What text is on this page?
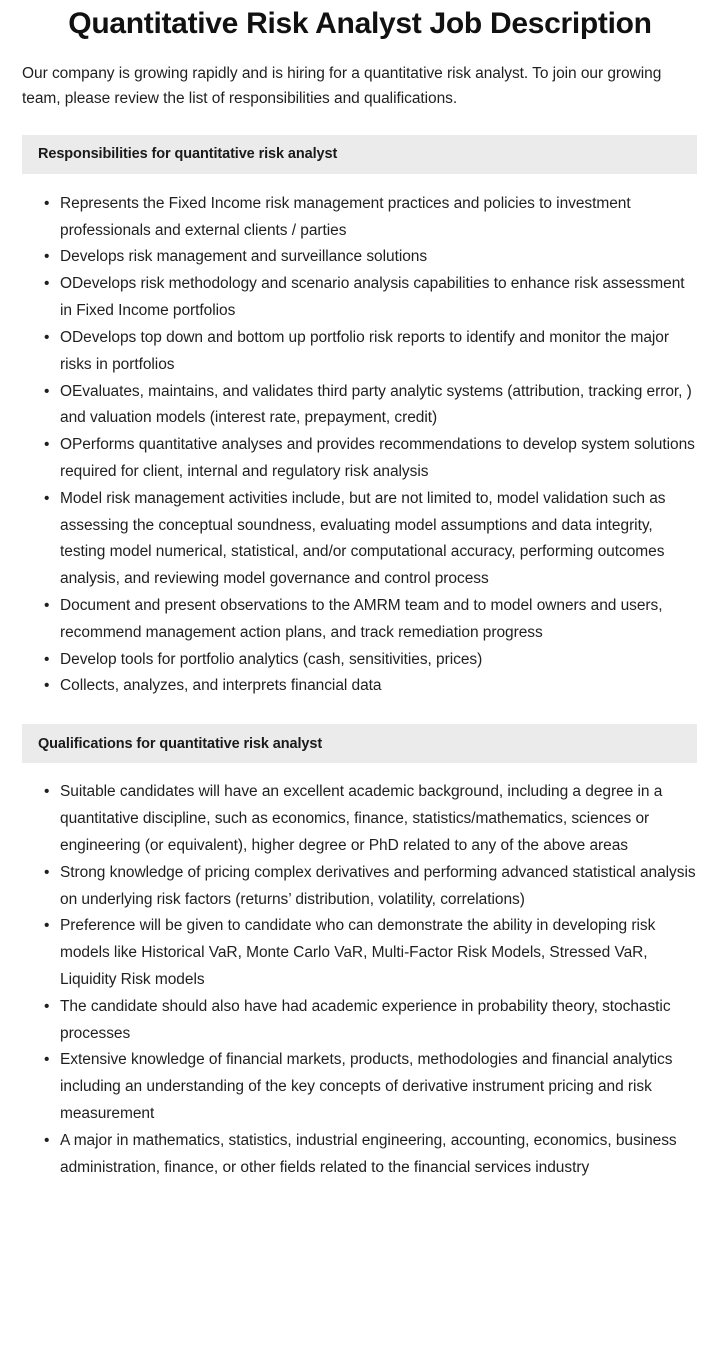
Quantitative Risk Analyst Job Description

Our company is growing rapidly and is hiring for a quantitative risk analyst. To join our growing team, please review the list of responsibilities and qualifications.

Responsibilities for quantitative risk analyst
• Represents the Fixed Income risk management practices and policies to investment professionals and external clients / parties
• Develops risk management and surveillance solutions
• ODevelops risk methodology and scenario analysis capabilities to enhance risk assessment in Fixed Income portfolios
• ODevelops top down and bottom up portfolio risk reports to identify and monitor the major risks in portfolios
• OEvaluates, maintains, and validates third party analytic systems (attribution, tracking error, ) and valuation models (interest rate, prepayment, credit)
• OPerforms quantitative analyses and provides recommendations to develop system solutions required for client, internal and regulatory risk analysis
• Model risk management activities include, but are not limited to, model validation such as assessing the conceptual soundness, evaluating model assumptions and data integrity, testing model numerical, statistical, and/or computational accuracy, performing outcomes analysis, and reviewing model governance and control process
• Document and present observations to the AMRM team and to model owners and users, recommend management action plans, and track remediation progress
• Develop tools for portfolio analytics (cash, sensitivities, prices)
• Collects, analyzes, and interprets financial data
Qualifications for quantitative risk analyst
• Suitable candidates will have an excellent academic background, including a degree in a quantitative discipline, such as economics, finance, statistics/mathematics, sciences or engineering (or equivalent), higher degree or PhD related to any of the above areas
• Strong knowledge of pricing complex derivatives and performing advanced statistical analysis on underlying risk factors (returns’ distribution, volatility, correlations)
• Preference will be given to candidate who can demonstrate the ability in developing risk models like Historical VaR, Monte Carlo VaR, Multi-Factor Risk Models, Stressed VaR, Liquidity Risk models
• The candidate should also have had academic experience in probability theory, stochastic processes
• Extensive knowledge of financial markets, products, methodologies and financial analytics including an understanding of the key concepts of derivative instrument pricing and risk measurement
• A major in mathematics, statistics, industrial engineering, accounting, economics, business administration, finance, or other fields related to the financial services industry
